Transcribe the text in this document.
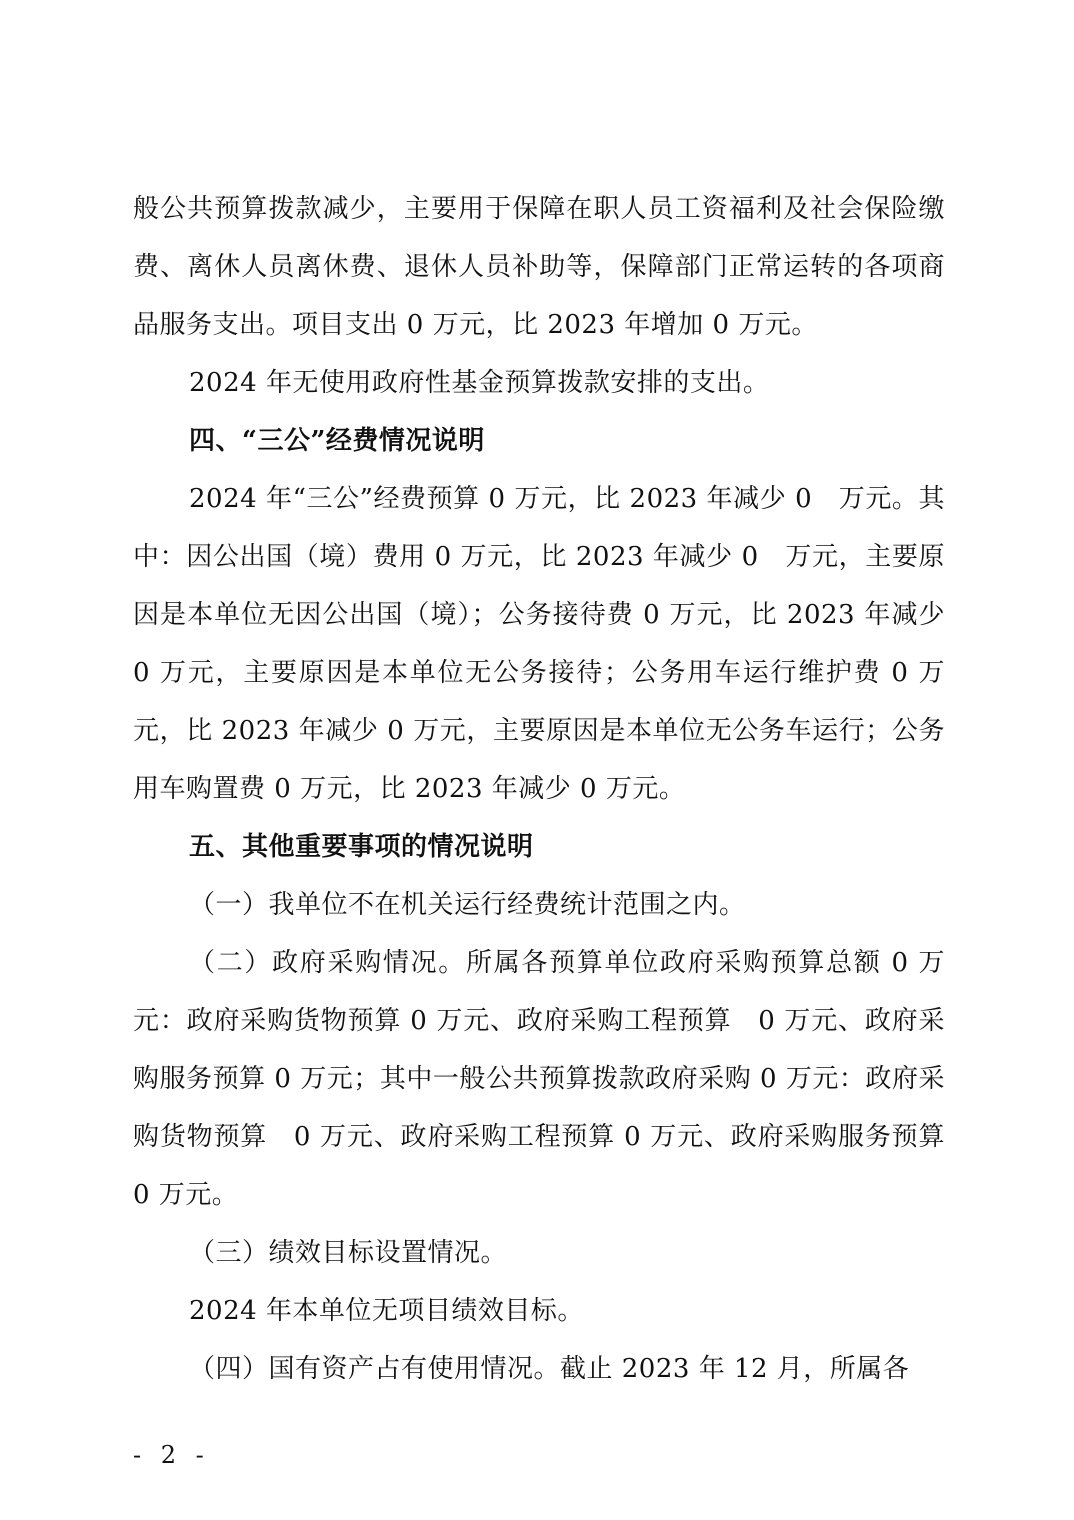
般公共预算拨款减少，主要用于保障在职人员工资福利及社会保险缴费、离休人员离休费、退休人员补助等，保障部门正常运转的各项商品服务支出。项目支出 0 万元，比 2023 年增加 0 万元。

2024 年无使用政府性基金预算拨款安排的支出。

四、“三公”经费情况说明

2024 年“三公”经费预算 0 万元，比 2023 年减少 0　万元。其中：因公出国（境）费用 0 万元，比 2023 年减少 0　万元，主要原因是本单位无因公出国（境）；公务接待费 0 万元，比 2023 年减少 0 万元，主要原因是本单位无公务接待；公务用车运行维护费 0 万元，比 2023 年减少 0 万元，主要原因是本单位无公务车运行；公务用车购置费 0 万元，比 2023 年减少 0 万元。

五、其他重要事项的情况说明

（一）我单位不在机关运行经费统计范围之内。

（二）政府采购情况。所属各预算单位政府采购预算总额 0 万元：政府采购货物预算 0 万元、政府采购工程预算　0 万元、政府采购服务预算 0 万元；其中一般公共预算拨款政府采购 0 万元：政府采购货物预算　0 万元、政府采购工程预算 0 万元、政府采购服务预算　0 万元。

（三）绩效目标设置情况。

2024 年本单位无项目绩效目标。

（四）国有资产占有使用情况。截止 2023 年 12 月，所属各

- 2 -
